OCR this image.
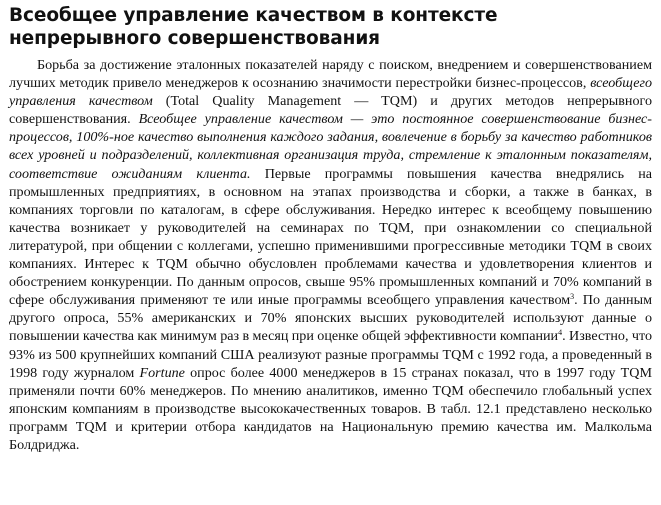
Всеобщее управление качеством в контексте
непрерывного совершенствования

Борьба за достижение эталонных показателей наряду с поиском, внедрением и совершенствованием лучших методик привело менеджеров к осознанию значимости перестройки бизнес-процессов, всеобщего управления качеством (Total Quality Management — TQM) и других методов непрерывного совершенствования. Всеобщее управление качеством — это постоянное совершенствование бизнес-процессов, 100%-ное качество выполнения каждого задания, вовлечение в борьбу за качество работников всех уровней и подразделений, коллективная организация труда, стремление к эталонным показателям, соответствие ожиданиям клиента. Первые программы повышения качества внедрялись на промышленных предприятиях, в основном на этапах производства и сборки, а также в банках, в компаниях торговли по каталогам, в сфере обслуживания. Нередко интерес к всеобщему повышению качества возникает у руководителей на семинарах по TQM, при ознакомлении со специальной литературой, при общении с коллегами, успешно применившими прогрессивные методики TQM в своих компаниях. Интерес к TQM обычно обусловлен проблемами качества и удовлетворения клиентов и обострением конкуренции. По данным опросов, свыше 95% промышленных компаний и 70% компаний в сфере обслуживания применяют те или иные программы всеобщего управления качеством$^3$. По данным другого опроса, 55% американских и 70% японских высших руководителей используют данные о повышении качества как минимум раз в месяц при оценке общей эффективности компании$^4$. Известно, что 93% из 500 крупнейших компаний США реализуют разные программы TQM с 1992 года, а проведенный в 1998 году журналом Fortune опрос более 4000 менеджеров в 15 странах показал, что в 1997 году TQM применяли почти 60% менеджеров. По мнению аналитиков, именно TQM обеспечило глобальный успех японским компаниям в производстве высококачественных товаров. В табл. 12.1 представлено несколько программ TQM и критерии отбора кандидатов на Национальную премию качества им. Малкольма Болдриджа.
